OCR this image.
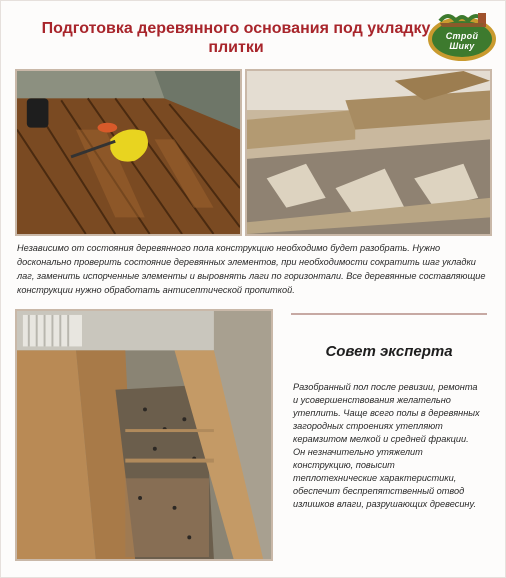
Подготовка деревянного основания под укладку плитки
Строй Шику

Независимо от состояния деревянного пола конструкцию необходимо будет разобрать. Нужно досконально проверить состояние деревянных элементов, при необходимости сократить шаг укладки лаг, заменить испорченные элементы и выровнять лаги по горизонтали. Все деревянные составляющие конструкции нужно обработать антисептической пропиткой.

Совет эксперта

Разобранный пол после ревизии, ремонта и усовершенствования желательно утеплить. Чаще всего полы в деревянных загородных строениях утепляют керамзитом мелкой и средней фракции. Он незначительно утяжелит конструкцию, повысит теплотехнические характеристики, обеспечит беспрепятственный отвод излишков влаги, разрушающих древесину.
